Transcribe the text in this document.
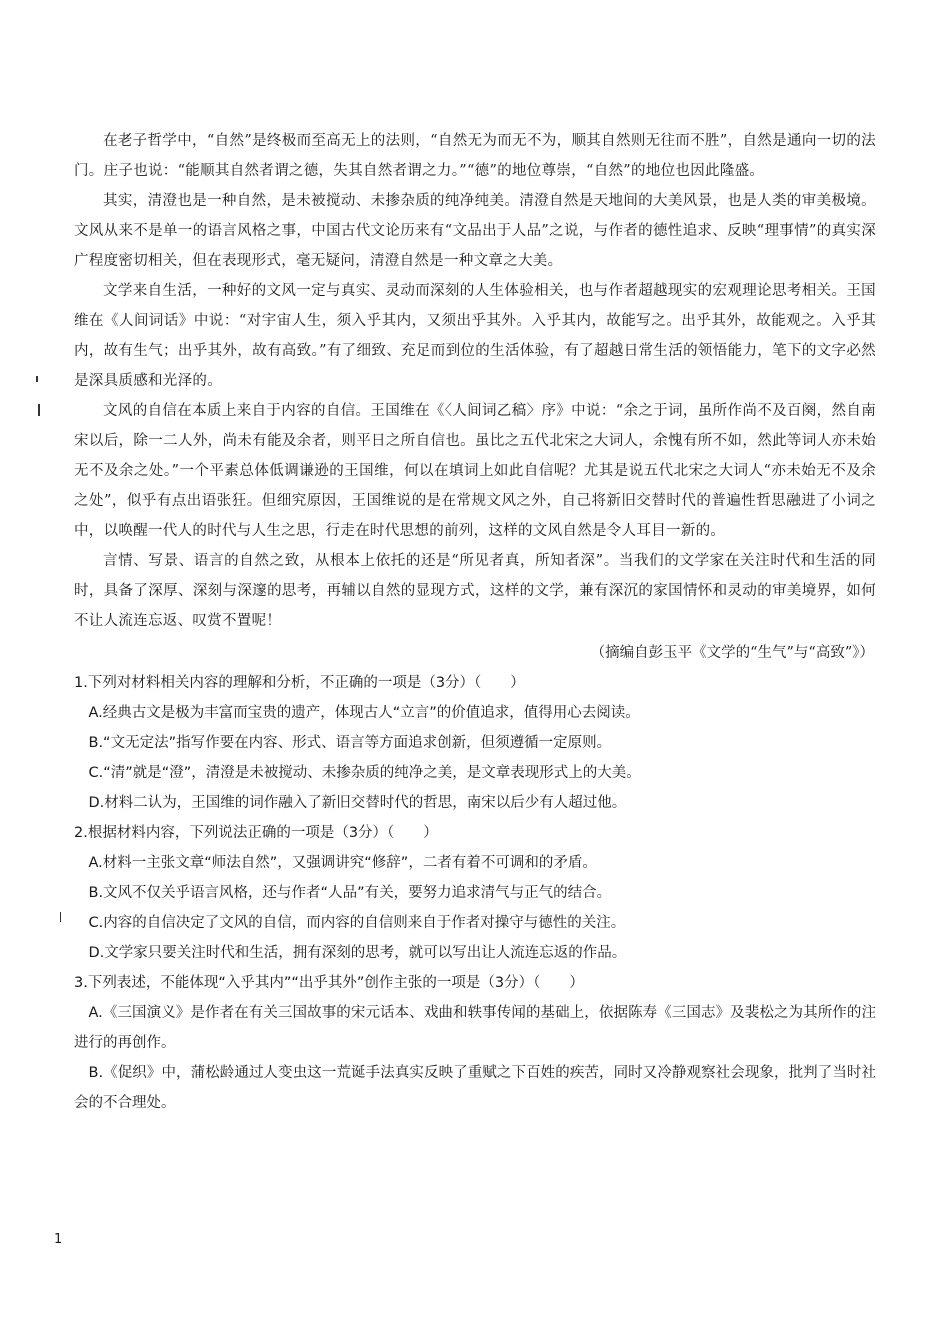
在老子哲学中，“自然”是终极而至高无上的法则，“自然无为而无不为，顺其自然则无往而不胜”，自然是通向一切的法门。庄子也说：“能顺其自然者谓之德，失其自然者谓之力。”“德”的地位尊崇，“自然”的地位也因此隆盛。

其实，清澄也是一种自然，是未被搅动、未掺杂质的纯净纯美。清澄自然是天地间的大美风景，也是人类的审美极境。文风从来不是单一的语言风格之事，中国古代文论历来有“文品出于人品”之说，与作者的德性追求、反映“理事情”的真实深广程度密切相关，但在表现形式，毫无疑问，清澄自然是一种文章之大美。

文学来自生活，一种好的文风一定与真实、灵动而深刻的人生体验相关，也与作者超越现实的宏观理论思考相关。王国维在《人间词话》中说：“对宇宙人生，须入乎其内，又须出乎其外。入乎其内，故能写之。出乎其外，故能观之。入乎其内，故有生气；出乎其外，故有高致。”有了细致、充足而到位的生活体验，有了超越日常生活的领悟能力，笔下的文字必然是深具质感和光泽的。

文风的自信在本质上来自于内容的自信。王国维在《〈人间词乙稿〉序》中说：“余之于词，虽所作尚不及百阕，然自南宋以后，除一二人外，尚未有能及余者，则平日之所自信也。虽比之五代北宋之大词人，余愧有所不如，然此等词人亦未始无不及余之处。”一个平素总体低调谦逊的王国维，何以在填词上如此自信呢？尤其是说五代北宋之大词人“亦未始无不及余之处”，似乎有点出语张狂。但细究原因，王国维说的是在常规文风之外，自己将新旧交替时代的普遍性哲思融进了小词之中，以唤醒一代人的时代与人生之思，行走在时代思想的前列，这样的文风自然是令人耳目一新的。

言情、写景、语言的自然之致，从根本上依托的还是“所见者真，所知者深”。当我们的文学家在关注时代和生活的同时，具备了深厚、深刻与深邃的思考，再辅以自然的显现方式，这样的文学，兼有深沉的家国情怀和灵动的审美境界，如何不让人流连忘返、叹赏不置呢！

（摘编自彭玉平《文学的“生气”与“高致”》）

1.下列对材料相关内容的理解和分析，不正确的一项是（3分）（　　）

A.经典古文是极为丰富而宝贵的遗产，体现古人“立言”的价值追求，值得用心去阅读。

B.“文无定法”指写作要在内容、形式、语言等方面追求创新，但须遵循一定原则。

C.“清”就是“澄”，清澄是未被搅动、未掺杂质的纯净之美，是文章表现形式上的大美。

D.材料二认为，王国维的词作融入了新旧交替时代的哲思，南宋以后少有人超过他。

2.根据材料内容，下列说法正确的一项是（3分）（　　）

A.材料一主张文章“师法自然”，又强调讲究“修辞”，二者有着不可调和的矛盾。

B.文风不仅关乎语言风格，还与作者“人品”有关，要努力追求清气与正气的结合。

C.内容的自信决定了文风的自信，而内容的自信则来自于作者对操守与德性的关注。

D.文学家只要关注时代和生活，拥有深刻的思考，就可以写出让人流连忘返的作品。

3.下列表述，不能体现“入乎其内”“出乎其外”创作主张的一项是（3分）（　　）

A.《三国演义》是作者在有关三国故事的宋元话本、戏曲和轶事传闻的基础上，依据陈寿《三国志》及裴松之为其所作的注进行的再创作。

B.《促织》中，蒲松龄通过人变虫这一荒诞手法真实反映了重赋之下百姓的疾苦，同时又冷静观察社会现象，批判了当时社会的不合理处。

1
